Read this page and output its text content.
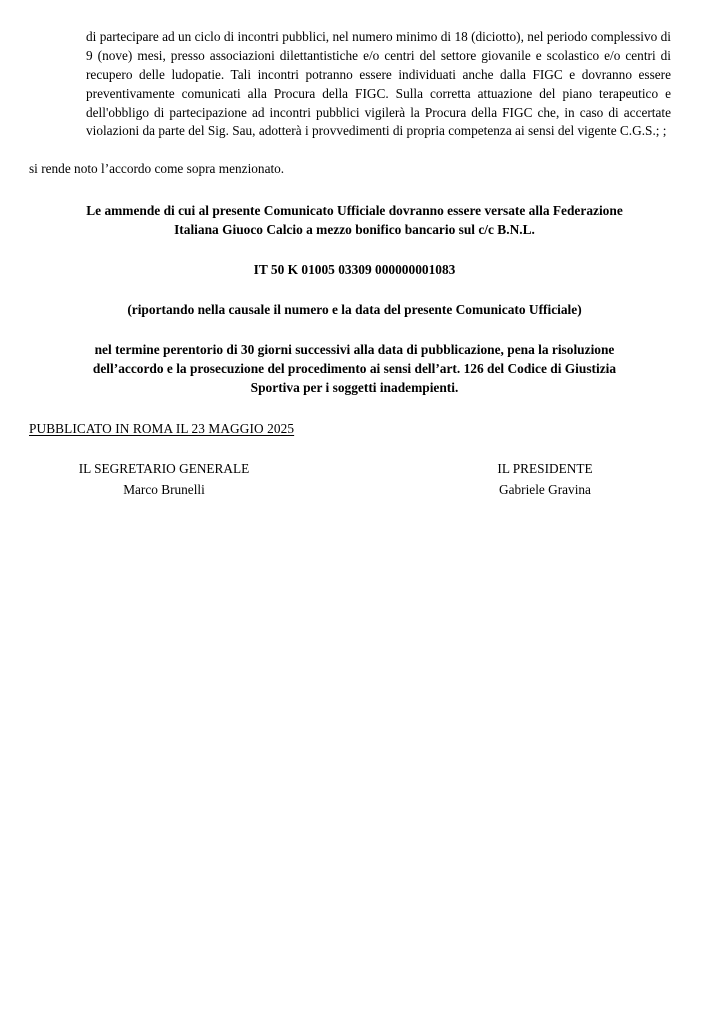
di partecipare ad un ciclo di incontri pubblici, nel numero minimo di 18 (diciotto), nel periodo complessivo di 9 (nove) mesi, presso associazioni dilettantistiche e/o centri del settore giovanile e scolastico e/o centri di recupero delle ludopatie. Tali incontri potranno essere individuati anche dalla FIGC e dovranno essere preventivamente comunicati alla Procura della FIGC. Sulla corretta attuazione del piano terapeutico e dell'obbligo di partecipazione ad incontri pubblici vigilerà la Procura della FIGC che, in caso di accertate violazioni da parte del Sig. Sau, adotterà i provvedimenti di propria competenza ai sensi del vigente C.G.S.; ;

si rende noto l’accordo come sopra menzionato.

Le ammende di cui al presente Comunicato Ufficiale dovranno essere versate alla Federazione
Italiana Giuoco Calcio a mezzo bonifico bancario sul c/c B.N.L.
IT 50 K 01005 03309 000000001083
(riportando nella causale il numero e la data del presente Comunicato Ufficiale)
nel termine perentorio di 30 giorni successivi alla data di pubblicazione, pena la risoluzione
dell’accordo e la prosecuzione del procedimento ai sensi dell’art. 126 del Codice di Giustizia
Sportiva per i soggetti inadempienti.
PUBBLICATO IN ROMA IL 23 MAGGIO 2025
IL SEGRETARIO GENERALE
Marco Brunelli
IL PRESIDENTE
Gabriele Gravina
